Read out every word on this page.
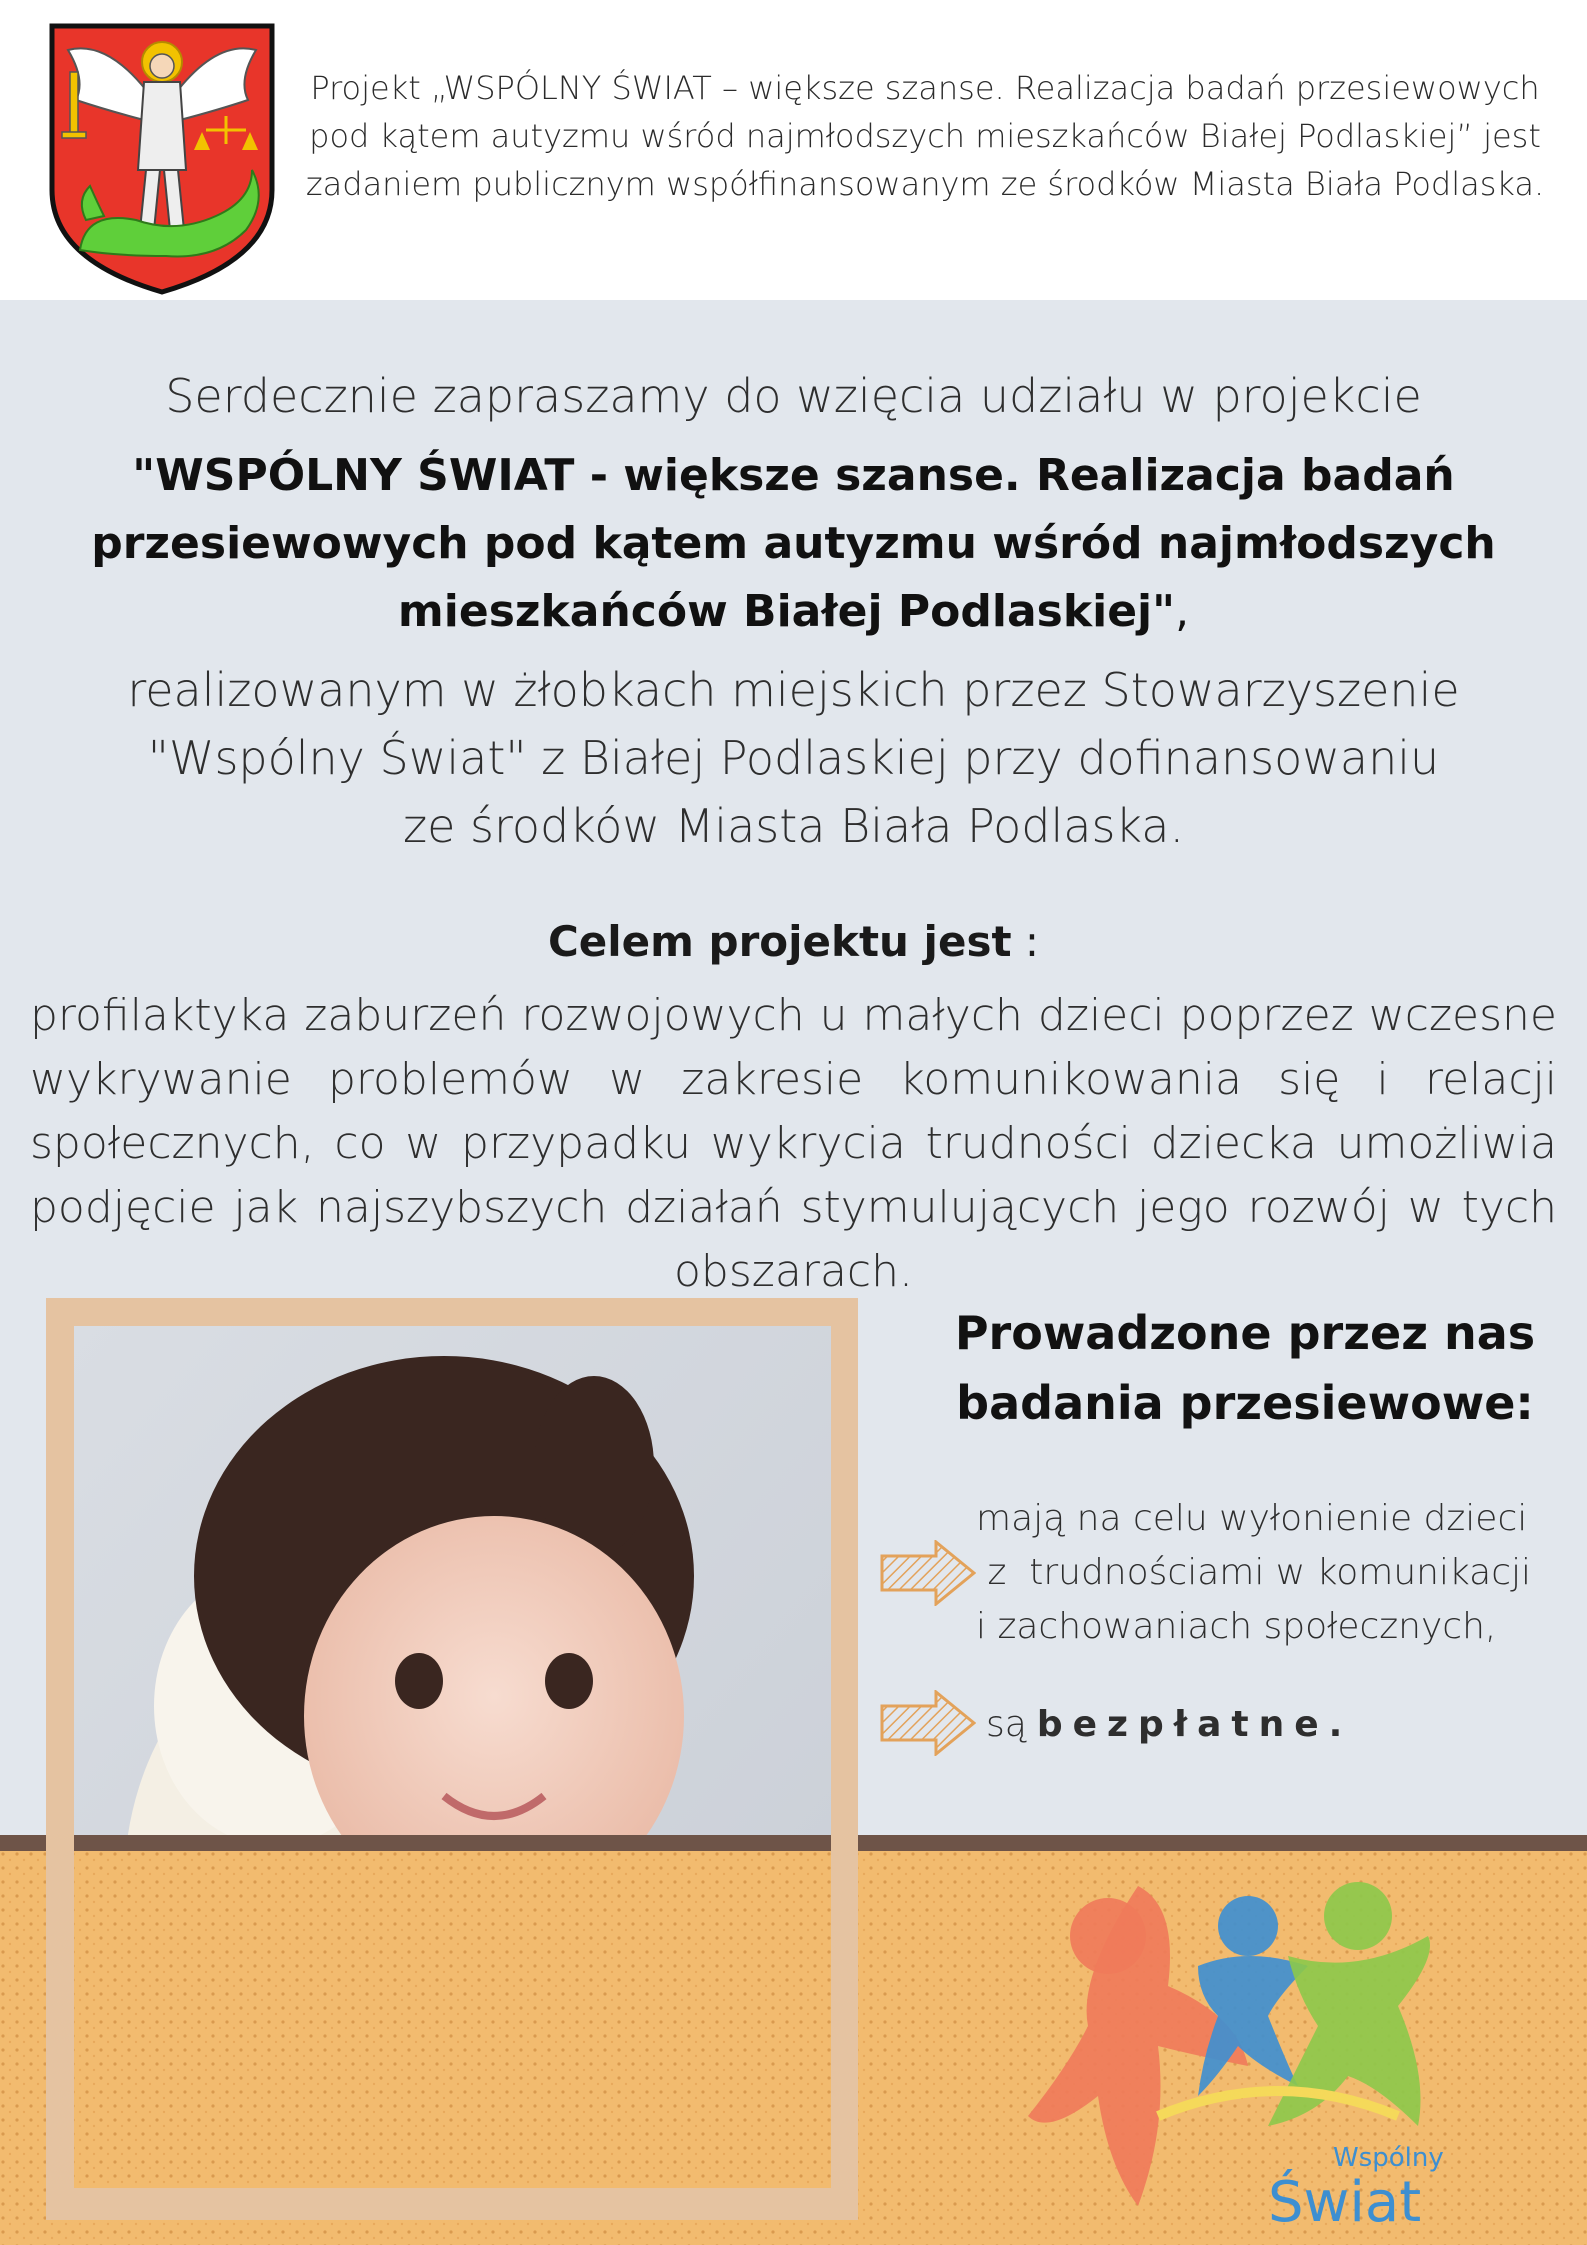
Projekt „WSPÓLNY ŚWIAT – większe szanse. Realizacja badań przesiewowych
pod kątem autyzmu wśród najmłodszych mieszkańców Białej Podlaskiej” jest
zadaniem publicznym współfinansowanym ze środków Miasta Biała Podlaska.
Serdecznie zapraszamy do wzięcia udziału w projekcie
"WSPÓLNY ŚWIAT - większe szanse. Realizacja badań
przesiewowych pod kątem autyzmu wśród najmłodszych
mieszkańców Białej Podlaskiej",
realizowanym w żłobkach miejskich przez Stowarzyszenie
"Wspólny Świat" z Białej Podlaskiej przy dofinansowaniu
ze środków Miasta Biała Podlaska.
Celem projektu jest :
profilaktyka zaburzeń rozwojowych u małych dzieci poprzez wczesne wykrywanie problemów w zakresie komunikowania się i relacji społecznych, co w przypadku wykrycia trudności dziecka umożliwia podjęcie jak najszybszych działań stymulujących jego rozwój w tych obszarach.
Prowadzone przez nas
badania przesiewowe:
mają na celu wyłonienie dzieci
z  trudnościami w komunikacji
i zachowaniach społecznych,
są bezpłatne.
Wspólny
Świat
